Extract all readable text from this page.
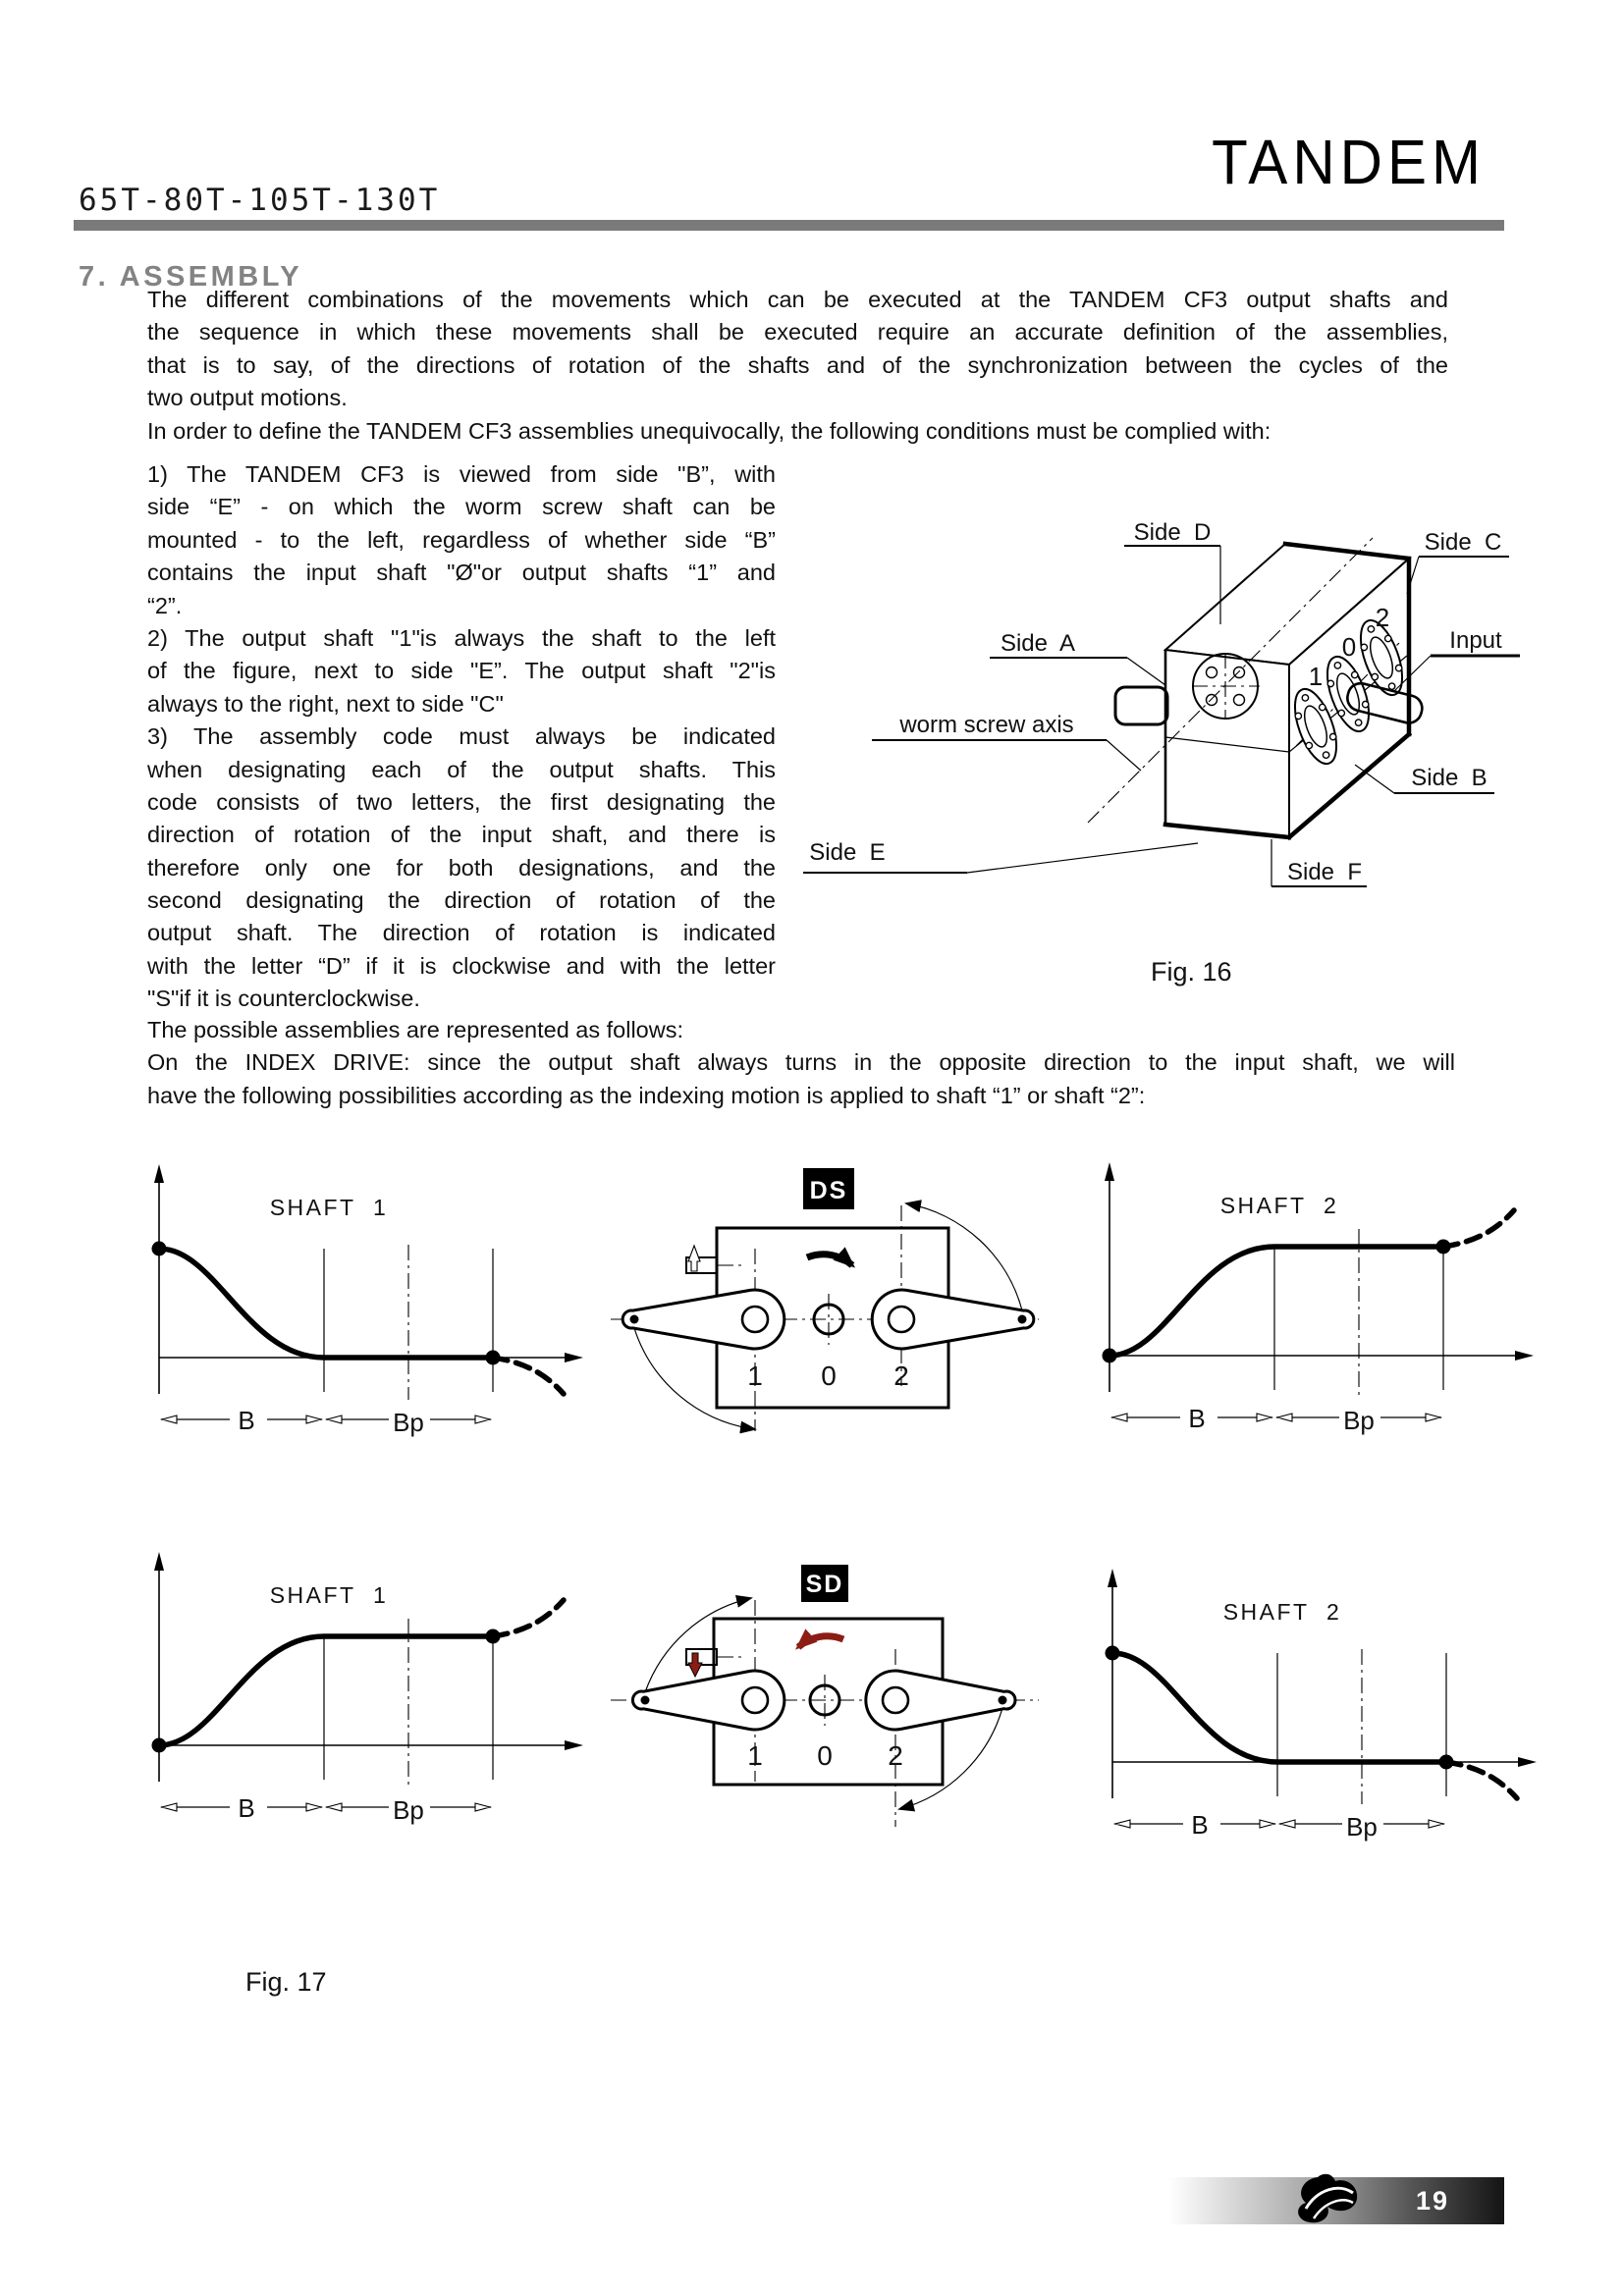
65T-80T-105T-130T
TANDEM
7. ASSEMBLY
The different combinations of the movements which can be executed at the TANDEM CF3 output shafts and
the sequence in which these movements shall be executed require an accurate definition of the assemblies,
that is to say, of the directions of rotation of the shafts and of the synchronization between the cycles of the
two output motions.
In order to define the TANDEM CF3 assemblies unequivocally, the following conditions must be complied with:
1) The TANDEM CF3 is viewed from side "B”, with
side “E” - on which the worm screw shaft can be
mounted - to the left, regardless of whether side “B”
contains the input shaft "Ø"or output shafts “1” and
“2”.
2) The output shaft "1"is always the shaft to the left
of the figure, next to side "E”. The output shaft "2"is
always to the right, next to side "C"
3) The assembly code must always be indicated
when designating each of the output shafts. This
code consists of two letters, the first designating the
direction of rotation of the input shaft, and there is
therefore only one for both designations, and the
second designating the direction of rotation of the
output shaft. The direction of rotation is indicated
with the letter “D” if it is clockwise and with the letter
"S"if it is counterclockwise.
The possible assemblies are represented as follows:
On the INDEX DRIVE: since the output shaft always turns in the opposite direction to the input shaft, we will
have the following possibilities according as the indexing motion is applied to shaft “1” or shaft “2”:
Side  D	Side  C
Side  A	Input
worm screw axis
Side  B
Side  E
Side  F
1
0
2
Fig. 16
SHAFT  1
B	Bp
DS
1 0 2
SHAFT  2
B	Bp
SHAFT  1
B	Bp
SD
1 0 2
SHAFT  2
B	Bp
Fig. 17
19
